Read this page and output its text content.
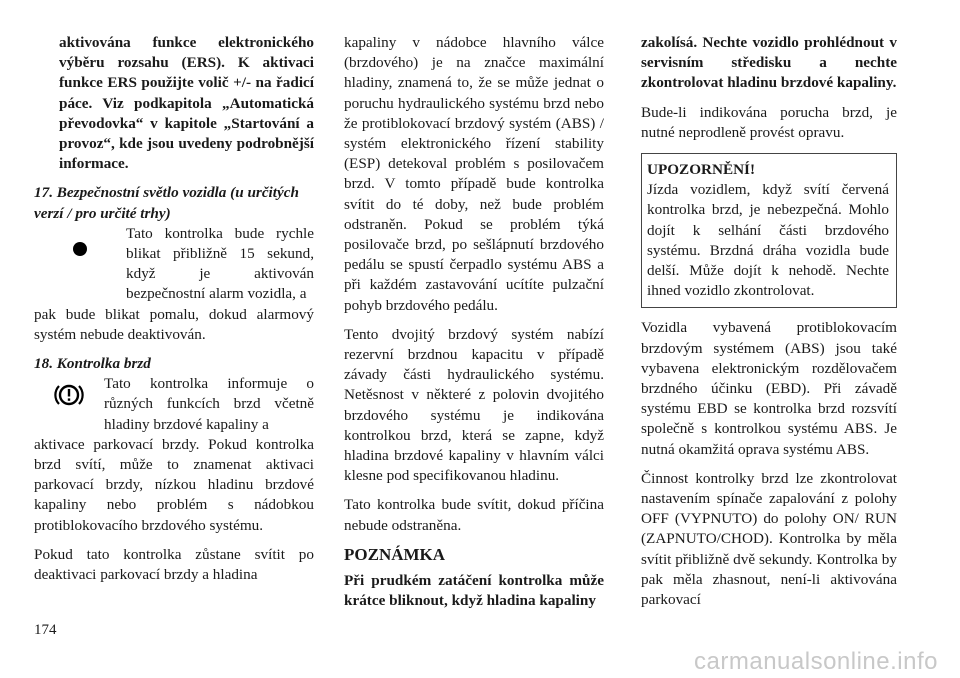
aktivována funkce elektronického výběru rozsahu (ERS). K aktivaci funkce ERS použijte volič +/- na řadicí páce. Viz podkapitola „Automatická převodovka“ v kapitole „Startování a provoz“, kde jsou uvedeny podrobnější informace.

17. Bezpečnostní světlo vozidla (u určitých verzí / pro určité trhy)

Tato kontrolka bude rychle blikat přibližně 15 sekund, když je aktivován bezpečnostní alarm vozidla, a

pak bude blikat pomalu, dokud alarmový systém nebude deaktivován.

18. Kontrolka brzd

Tato kontrolka informuje o různých funkcích brzd včetně hladiny brzdové kapaliny a

aktivace parkovací brzdy. Pokud kontrolka brzd svítí, může to znamenat aktivaci parkovací brzdy, nízkou hladinu brzdové kapaliny nebo problém s nádobkou protiblokovacího brzdového systému.

Pokud tato kontrolka zůstane svítit po deaktivaci parkovací brzdy a hladina

kapaliny v nádobce hlavního válce (brzdového) je na značce maximální hladiny, znamená to, že se může jednat o poruchu hydraulického systému brzd nebo že protiblokovací brzdový systém (ABS) / systém elektronického řízení stability (ESP) detekoval problém s posilovačem brzd. V tomto případě bude kontrolka svítit do té doby, než bude problém odstraněn. Pokud se problém týká posilovače brzd, po sešlápnutí brzdového pedálu se spustí čerpadlo systému ABS a při každém zastavování ucítíte pulzační pohyb brzdového pedálu.

Tento dvojitý brzdový systém nabízí rezervní brzdnou kapacitu v případě závady části hydraulického systému. Netěsnost v některé z polovin dvojitého brzdového systému je indikována kontrolkou brzd, která se zapne, když hladina brzdové kapaliny v hlavním válci klesne pod specifikovanou hladinu.

Tato kontrolka bude svítit, dokud příčina nebude odstraněna.

POZNÁMKA

Při prudkém zatáčení kontrolka může krátce bliknout, když hladina kapaliny

zakolísá. Nechte vozidlo prohlédnout v servisním středisku a nechte zkontrolovat hladinu brzdové kapaliny.

Bude-li indikována porucha brzd, je nutné neprodleně provést opravu.

UPOZORNĚNÍ!

Jízda vozidlem, když svítí červená kontrolka brzd, je nebezpečná. Mohlo dojít k selhání části brzdového systému. Brzdná dráha vozidla bude delší. Může dojít k nehodě. Nechte ihned vozidlo zkontrolovat.

Vozidla vybavená protiblokovacím brzdovým systémem (ABS) jsou také vybavena elektronickým rozdělovačem brzdného účinku (EBD). Při závadě systému EBD se kontrolka brzd rozsvítí společně s kontrolkou systému ABS. Je nutná okamžitá oprava systému ABS.

Činnost kontrolky brzd lze zkontrolovat nastavením spínače zapalování z polohy OFF (VYPNUTO) do polohy ON/ RUN (ZAPNUTO/CHOD). Kontrolka by měla svítit přibližně dvě sekundy. Kontrolka by pak měla zhasnout, není-li aktivována parkovací

174
carmanualsonline.info
